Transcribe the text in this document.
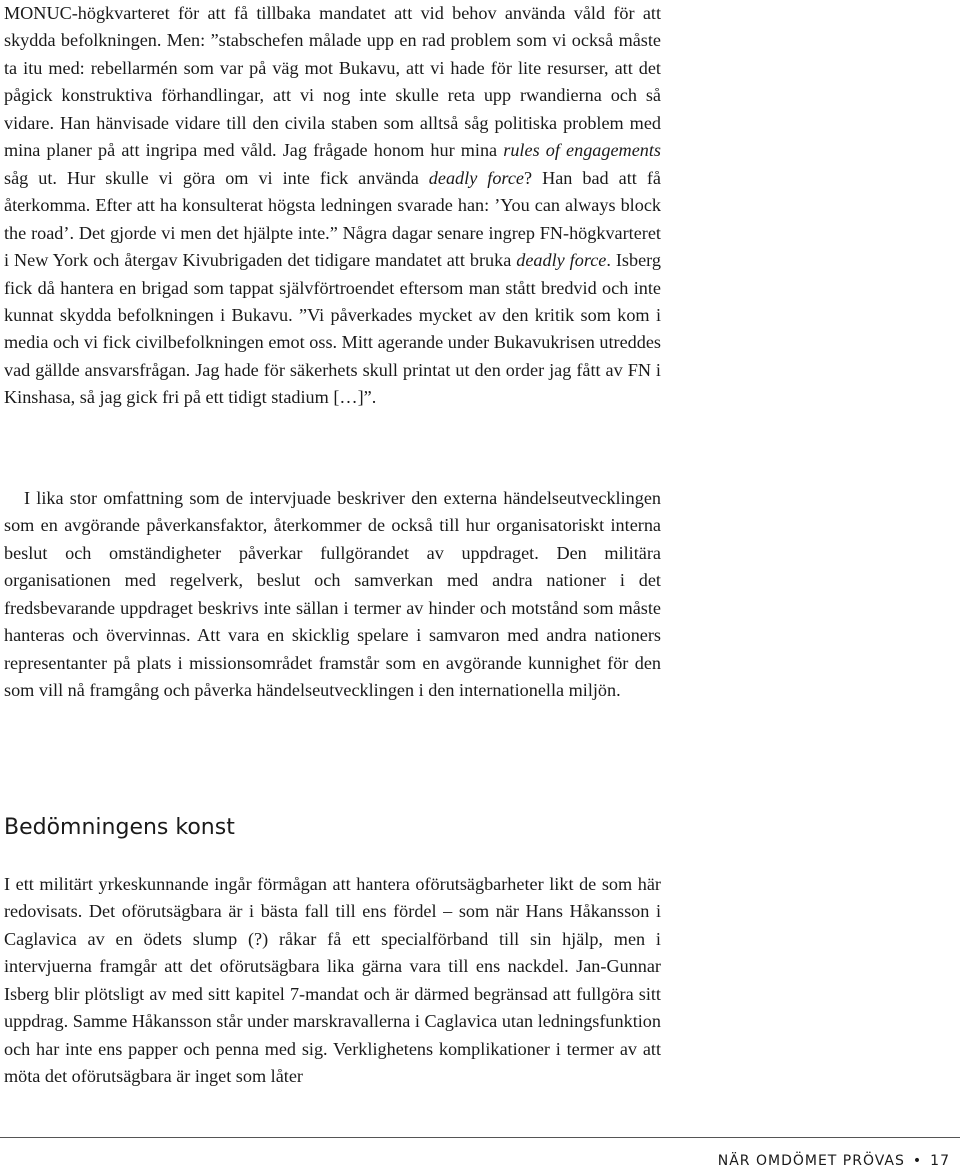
MONUC-högkvarteret för att få tillbaka mandatet att vid behov använda våld för att skydda befolkningen. Men: ”stabschefen målade upp en rad problem som vi också måste ta itu med: rebellarmén som var på väg mot Bukavu, att vi hade för lite resurser, att det pågick konstruktiva förhandlingar, att vi nog inte skulle reta upp rwandierna och så vidare. Han hänvisade vidare till den civila staben som alltså såg politiska problem med mina planer på att ingripa med våld. Jag frågade honom hur mina rules of engagements såg ut. Hur skulle vi göra om vi inte fick använda deadly force? Han bad att få återkomma. Efter att ha konsulterat högsta ledningen svarade han: ’You can always block the road’. Det gjorde vi men det hjälpte inte.” Några dagar senare ingrep FN-högkvarteret i New York och återgav Kivubrigaden det tidigare mandatet att bruka deadly force. Isberg fick då hantera en brigad som tappat självförtroendet eftersom man stått bredvid och inte kunnat skydda befolkningen i Bukavu. ”Vi påverkades mycket av den kritik som kom i media och vi fick civilbefolkningen emot oss. Mitt agerande under Bukavukrisen utreddes vad gällde ansvarsfrågan. Jag hade för säkerhets skull printat ut den order jag fått av FN i Kinshasa, så jag gick fri på ett tidigt stadium […]”.

I lika stor omfattning som de intervjuade beskriver den externa händelseutvecklingen som en avgörande påverkansfaktor, återkommer de också till hur organisatoriskt interna beslut och omständigheter påverkar fullgörandet av uppdraget. Den militära organisationen med regelverk, beslut och samverkan med andra nationer i det fredsbevarande uppdraget beskrivs inte sällan i termer av hinder och motstånd som måste hanteras och övervinnas. Att vara en skicklig spelare i samvaron med andra nationers representanter på plats i missionsområdet framstår som en avgörande kunnighet för den som vill nå framgång och påverka händelseutvecklingen i den internationella miljön.

Bedömningens konst

I ett militärt yrkeskunnande ingår förmågan att hantera oförutsägbarheter likt de som här redovisats. Det oförutsägbara är i bästa fall till ens fördel – som när Hans Håkansson i Caglavica av en ödets slump (?) råkar få ett specialförband till sin hjälp, men i intervjuerna framgår att det oförutsägbara lika gärna vara till ens nackdel. Jan-Gunnar Isberg blir plötsligt av med sitt kapitel 7-mandat och är därmed begränsad att fullgöra sitt uppdrag. Samme Håkansson står under marskravallerna i Caglavica utan ledningsfunktion och har inte ens papper och penna med sig. Verklighetens komplikationer i termer av att möta det oförutsägbara är inget som låter

NÄR OMDÖMET PRÖVAS • 17
